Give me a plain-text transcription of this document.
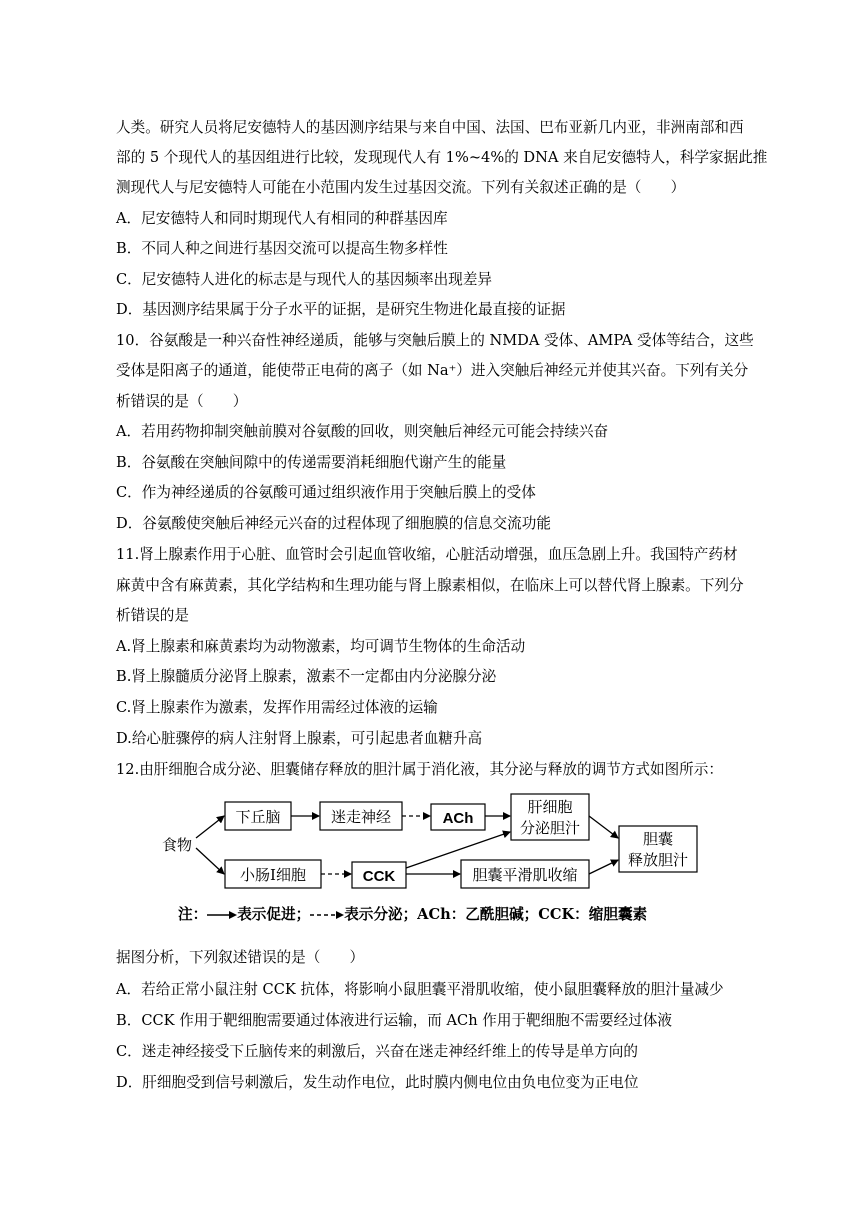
人类。研究人员将尼安德特人的基因测序结果与来自中国、法国、巴布亚新几内亚，非洲南部和西
部的 5 个现代人的基因组进行比较，发现现代人有 1%~4%的 DNA 来自尼安德特人，科学家据此推
测现代人与尼安德特人可能在小范围内发生过基因交流。下列有关叙述正确的是（　　）
A．尼安德特人和同时期现代人有相同的种群基因库
B．不同人种之间进行基因交流可以提高生物多样性
C．尼安德特人进化的标志是与现代人的基因频率出现差异
D．基因测序结果属于分子水平的证据，是研究生物进化最直接的证据
10．谷氨酸是一种兴奋性神经递质，能够与突触后膜上的 NMDA 受体、AMPA 受体等结合，这些
受体是阳离子的通道，能使带正电荷的离子（如 Na⁺）进入突触后神经元并使其兴奋。下列有关分
析错误的是（　　）
A．若用药物抑制突触前膜对谷氨酸的回收，则突触后神经元可能会持续兴奋
B．谷氨酸在突触间隙中的传递需要消耗细胞代谢产生的能量
C．作为神经递质的谷氨酸可通过组织液作用于突触后膜上的受体
D．谷氨酸使突触后神经元兴奋的过程体现了细胞膜的信息交流功能
11.肾上腺素作用于心脏、血管时会引起血管收缩，心脏活动增强，血压急剧上升。我国特产药材
麻黄中含有麻黄素，其化学结构和生理功能与肾上腺素相似，在临床上可以替代肾上腺素。下列分
析错误的是
A.肾上腺素和麻黄素均为动物激素，均可调节生物体的生命活动
B.肾上腺髓质分泌肾上腺素，激素不一定都由内分泌腺分泌
C.肾上腺素作为激素，发挥作用需经过体液的运输
D.给心脏骤停的病人注射肾上腺素，可引起患者血糖升高
12.由肝细胞合成分泌、胆囊储存释放的胆汁属于消化液，其分泌与释放的调节方式如图所示：
食物
下丘脑	迷走神经	ACh
肝细胞
分泌胆汁
小肠Ⅰ细胞	CCK	胆囊平滑肌收缩
胆囊
释放胆汁
注： 表示促进； 表示分泌；ACh：乙酰胆碱；CCK：缩胆囊素
据图分析，下列叙述错误的是（　　）
A．若给正常小鼠注射 CCK 抗体，将影响小鼠胆囊平滑肌收缩，使小鼠胆囊释放的胆汁量减少
B．CCK 作用于靶细胞需要通过体液进行运输，而 ACh 作用于靶细胞不需要经过体液
C．迷走神经接受下丘脑传来的刺激后，兴奋在迷走神经纤维上的传导是单方向的
D．肝细胞受到信号刺激后，发生动作电位，此时膜内侧电位由负电位变为正电位
